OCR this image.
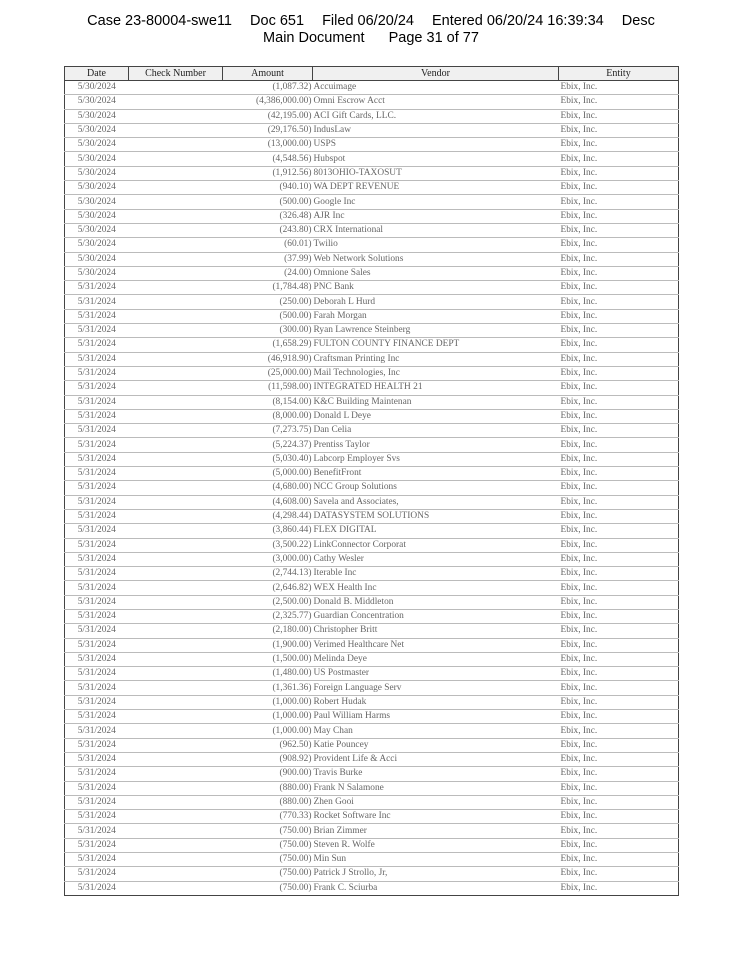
Case 23-80004-swe11 Doc 651 Filed 06/20/24 Entered 06/20/24 16:39:34 Desc
Main Document Page 31 of 77
Date	Check Number	Amount	Vendor	Entity
5/30/2024		(1,087.32)	Accuimage	Ebix, Inc.
5/30/2024		(4,386,000.00)	Omni Escrow Acct	Ebix, Inc.
5/30/2024		(42,195.00)	ACI Gift Cards, LLC.	Ebix, Inc.
5/30/2024		(29,176.50)	IndusLaw	Ebix, Inc.
5/30/2024		(13,000.00)	USPS	Ebix, Inc.
5/30/2024		(4,548.56)	Hubspot	Ebix, Inc.
5/30/2024		(1,912.56)	8013OHIO-TAXOSUT	Ebix, Inc.
5/30/2024		(940.10)	WA DEPT REVENUE	Ebix, Inc.
5/30/2024		(500.00)	Google Inc	Ebix, Inc.
5/30/2024		(326.48)	AJR Inc	Ebix, Inc.
5/30/2024		(243.80)	CRX International	Ebix, Inc.
5/30/2024		(60.01)	Twilio	Ebix, Inc.
5/30/2024		(37.99)	Web Network Solutions	Ebix, Inc.
5/30/2024		(24.00)	Omnione Sales	Ebix, Inc.
5/31/2024		(1,784.48)	PNC Bank	Ebix, Inc.
5/31/2024		(250.00)	Deborah L Hurd	Ebix, Inc.
5/31/2024		(500.00)	Farah Morgan	Ebix, Inc.
5/31/2024		(300.00)	Ryan Lawrence Steinberg	Ebix, Inc.
5/31/2024		(1,658.29)	FULTON COUNTY FINANCE DEPT	Ebix, Inc.
5/31/2024		(46,918.90)	Craftsman Printing Inc	Ebix, Inc.
5/31/2024		(25,000.00)	Mail Technologies, Inc	Ebix, Inc.
5/31/2024		(11,598.00)	INTEGRATED HEALTH 21	Ebix, Inc.
5/31/2024		(8,154.00)	K&C Building Maintenan	Ebix, Inc.
5/31/2024		(8,000.00)	Donald L Deye	Ebix, Inc.
5/31/2024		(7,273.75)	Dan Celia	Ebix, Inc.
5/31/2024		(5,224.37)	Prentiss Taylor	Ebix, Inc.
5/31/2024		(5,030.40)	Labcorp Employer Svs	Ebix, Inc.
5/31/2024		(5,000.00)	BenefitFront	Ebix, Inc.
5/31/2024		(4,680.00)	NCC Group Solutions	Ebix, Inc.
5/31/2024		(4,608.00)	Savela and Associates,	Ebix, Inc.
5/31/2024		(4,298.44)	DATASYSTEM SOLUTIONS	Ebix, Inc.
5/31/2024		(3,860.44)	FLEX DIGITAL	Ebix, Inc.
5/31/2024		(3,500.22)	LinkConnector Corporat	Ebix, Inc.
5/31/2024		(3,000.00)	Cathy Wesler	Ebix, Inc.
5/31/2024		(2,744.13)	Iterable Inc	Ebix, Inc.
5/31/2024		(2,646.82)	WEX Health Inc	Ebix, Inc.
5/31/2024		(2,500.00)	Donald B. Middleton	Ebix, Inc.
5/31/2024		(2,325.77)	Guardian Concentration	Ebix, Inc.
5/31/2024		(2,180.00)	Christopher Britt	Ebix, Inc.
5/31/2024		(1,900.00)	Verimed Healthcare Net	Ebix, Inc.
5/31/2024		(1,500.00)	Melinda Deye	Ebix, Inc.
5/31/2024		(1,480.00)	US Postmaster	Ebix, Inc.
5/31/2024		(1,361.36)	Foreign Language Serv	Ebix, Inc.
5/31/2024		(1,000.00)	Robert Hudak	Ebix, Inc.
5/31/2024		(1,000.00)	Paul William Harms	Ebix, Inc.
5/31/2024		(1,000.00)	May Chan	Ebix, Inc.
5/31/2024		(962.50)	Katie Pouncey	Ebix, Inc.
5/31/2024		(908.92)	Provident Life & Acci	Ebix, Inc.
5/31/2024		(900.00)	Travis Burke	Ebix, Inc.
5/31/2024		(880.00)	Frank N Salamone	Ebix, Inc.
5/31/2024		(880.00)	Zhen Gooi	Ebix, Inc.
5/31/2024		(770.33)	Rocket Software Inc	Ebix, Inc.
5/31/2024		(750.00)	Brian Zimmer	Ebix, Inc.
5/31/2024		(750.00)	Steven R. Wolfe	Ebix, Inc.
5/31/2024		(750.00)	Min Sun	Ebix, Inc.
5/31/2024		(750.00)	Patrick J Strollo, Jr,	Ebix, Inc.
5/31/2024		(750.00)	Frank C. Sciurba	Ebix, Inc.
